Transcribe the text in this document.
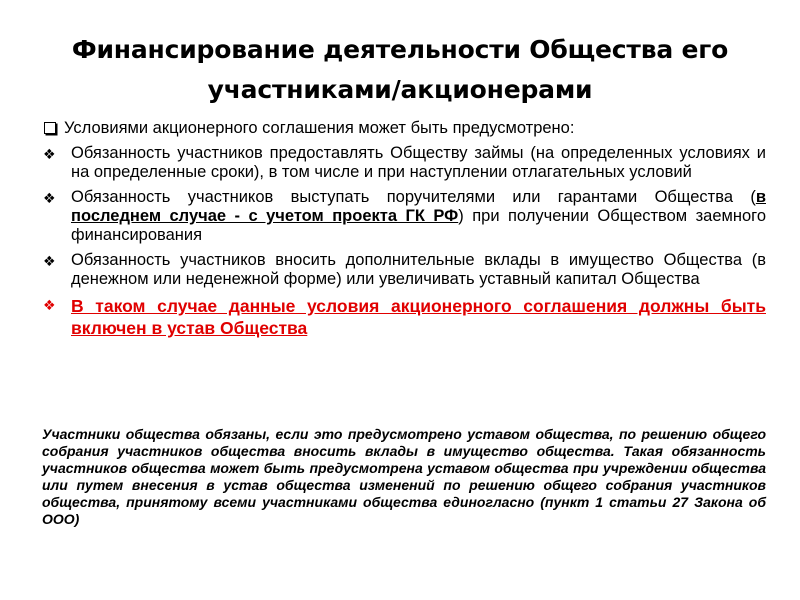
Финансирование деятельности Общества его
участниками/акционерами
Условиями акционерного соглашения может быть предусмотрено:
❖ Обязанность участников предоставлять Обществу займы (на определенных условиях и на определенные сроки), в том числе и при наступлении отлагательных условий
❖ Обязанность участников выступать поручителями или гарантами Общества (в последнем случае - с учетом проекта ГК РФ) при получении Обществом заемного финансирования
❖ Обязанность участников вносить дополнительные вклады в имущество Общества (в денежном или неденежной форме) или увеличивать уставный капитал Общества
❖ В таком случае данные условия акционерного соглашения должны быть включен в устав Общества

Участники общества обязаны, если это предусмотрено уставом общества, по решению общего собрания участников общества вносить вклады в имущество общества. Такая обязанность участников общества может быть предусмотрена уставом общества при учреждении общества или путем внесения в устав общества изменений по решению общего собрания участников общества, принятому всеми участниками общества единогласно (пункт 1 статьи 27 Закона об ООО)
